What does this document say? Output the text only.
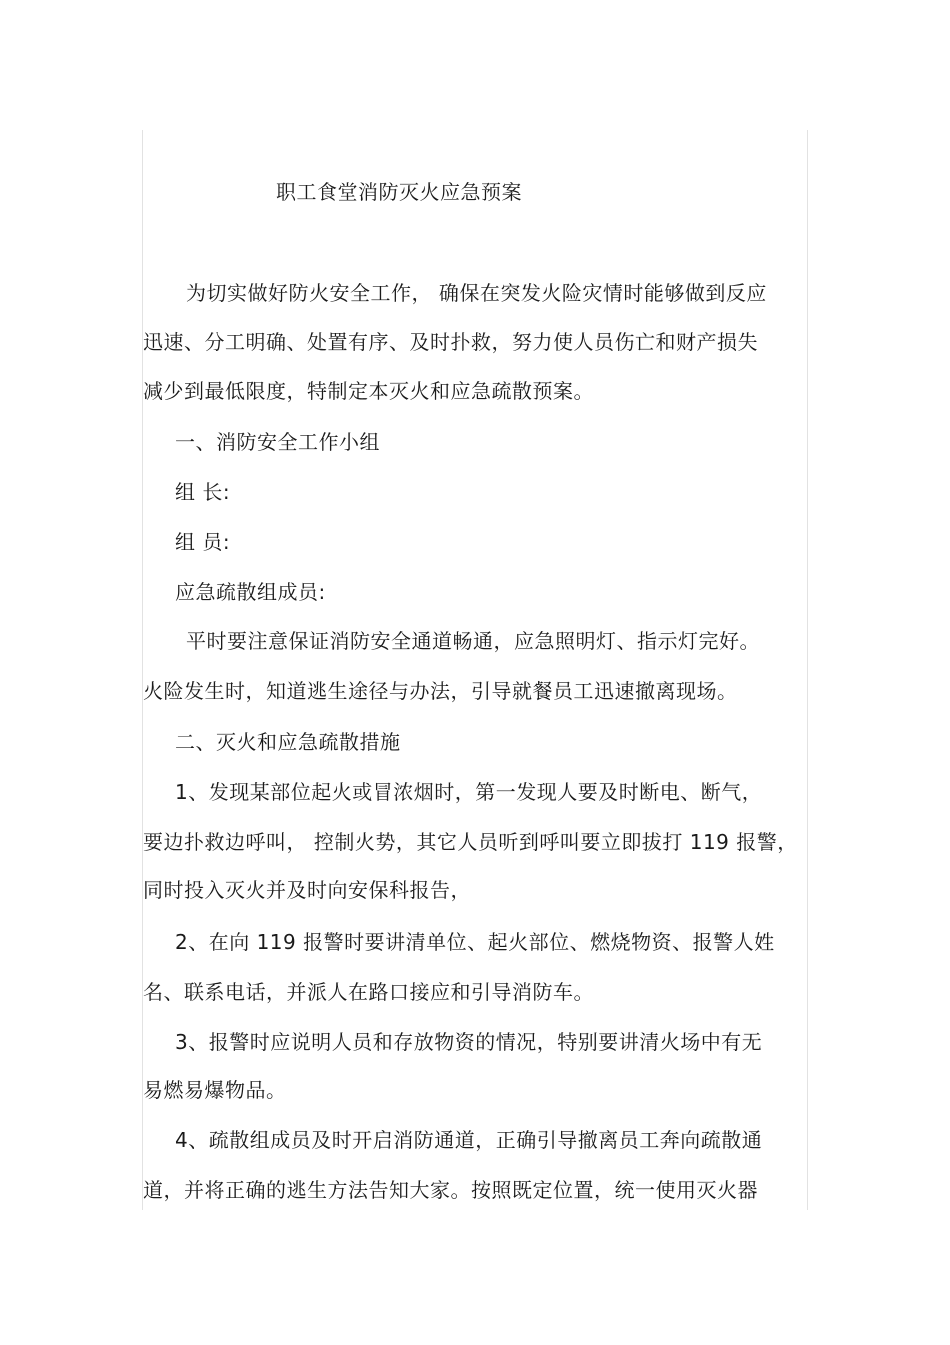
职工食堂消防灭火应急预案
为切实做好防火安全工作， 确保在突发火险灾情时能够做到反应
迅速、分工明确、处置有序、及时扑救，努力使人员伤亡和财产损失
减少到最低限度，特制定本灭火和应急疏散预案。
一、消防安全工作小组
组 长:
组 员:
应急疏散组成员:
平时要注意保证消防安全通道畅通，应急照明灯、指示灯完好。
火险发生时，知道逃生途径与办法，引导就餐员工迅速撤离现场。
二、灭火和应急疏散措施
1、发现某部位起火或冒浓烟时，第一发现人要及时断电、断气，
要边扑救边呼叫， 控制火势，其它人员听到呼叫要立即拔打 119 报警，
同时投入灭火并及时向安保科报告，
2、在向 119 报警时要讲清单位、起火部位、燃烧物资、报警人姓
名、联系电话，并派人在路口接应和引导消防车。
3、报警时应说明人员和存放物资的情况，特别要讲清火场中有无
易燃易爆物品。
4、疏散组成员及时开启消防通道，正确引导撤离员工奔向疏散通
道，并将正确的逃生方法告知大家。按照既定位置，统一使用灭火器
